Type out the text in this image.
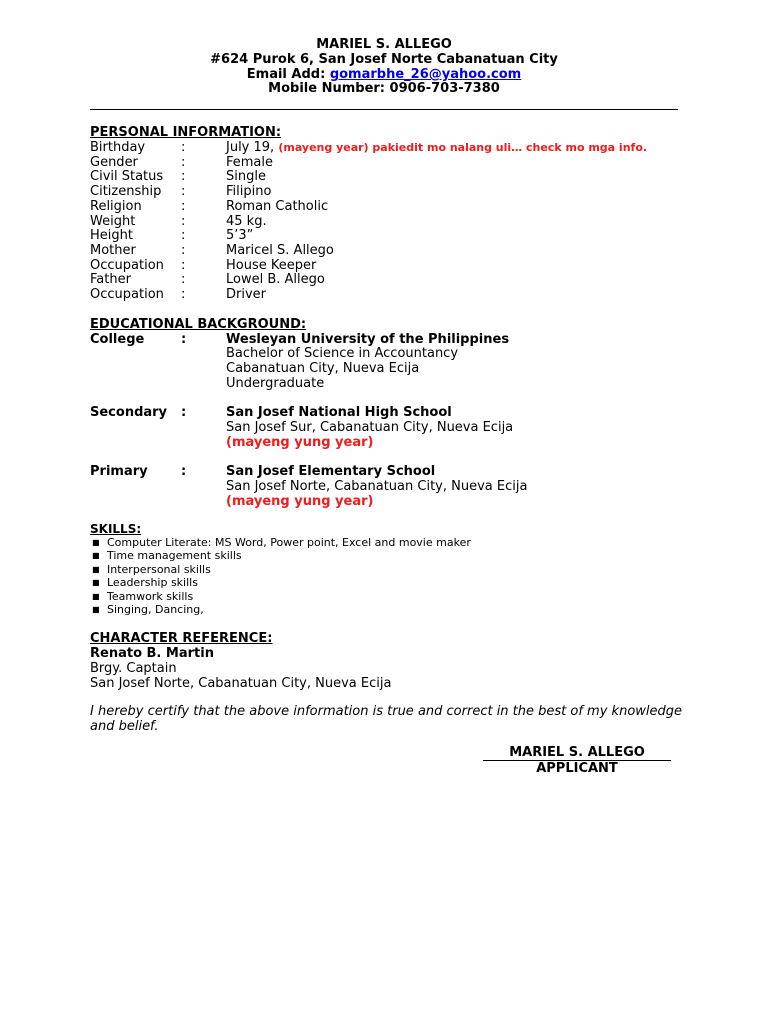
MARIEL S. ALLEGO
#624 Purok 6, San Josef Norte Cabanatuan City
Email Add: gomarbhe_26@yahoo.com
Mobile Number: 0906-703-7380
PERSONAL INFORMATION:
Birthday	:	July 19, (mayeng year) pakiedit mo nalang uli… check mo mga info.
Gender	:	Female
Civil Status :	Single
Citizenship :	Filipino
Religion	:	Roman Catholic
Weight	:	45 kg.
Height	:	5’3”
Mother	:	Maricel S. Allego
Occupation :	House Keeper
Father	:	Lowel B. Allego
Occupation :	Driver
EDUCATIONAL BACKGROUND:
College	:	Wesleyan University of the Philippines
Bachelor of Science in Accountancy
Cabanatuan City, Nueva Ecija
Undergraduate
Secondary :	San Josef National High School
San Josef Sur, Cabanatuan City, Nueva Ecija
(mayeng yung year)
Primary	:	San Josef Elementary School
San Josef Norte, Cabanatuan City, Nueva Ecija
(mayeng yung year)
SKILLS:
■ Computer Literate: MS Word, Power point, Excel and movie maker
■ Time management skills
■ Interpersonal skills
■ Leadership skills
■ Teamwork skills
■ Singing, Dancing,
CHARACTER REFERENCE:
Renato B. Martin
Brgy. Captain
San Josef Norte, Cabanatuan City, Nueva Ecija
I hereby certify that the above information is true and correct in the best of my knowledge and belief.
MARIEL S. ALLEGO
APPLICANT
